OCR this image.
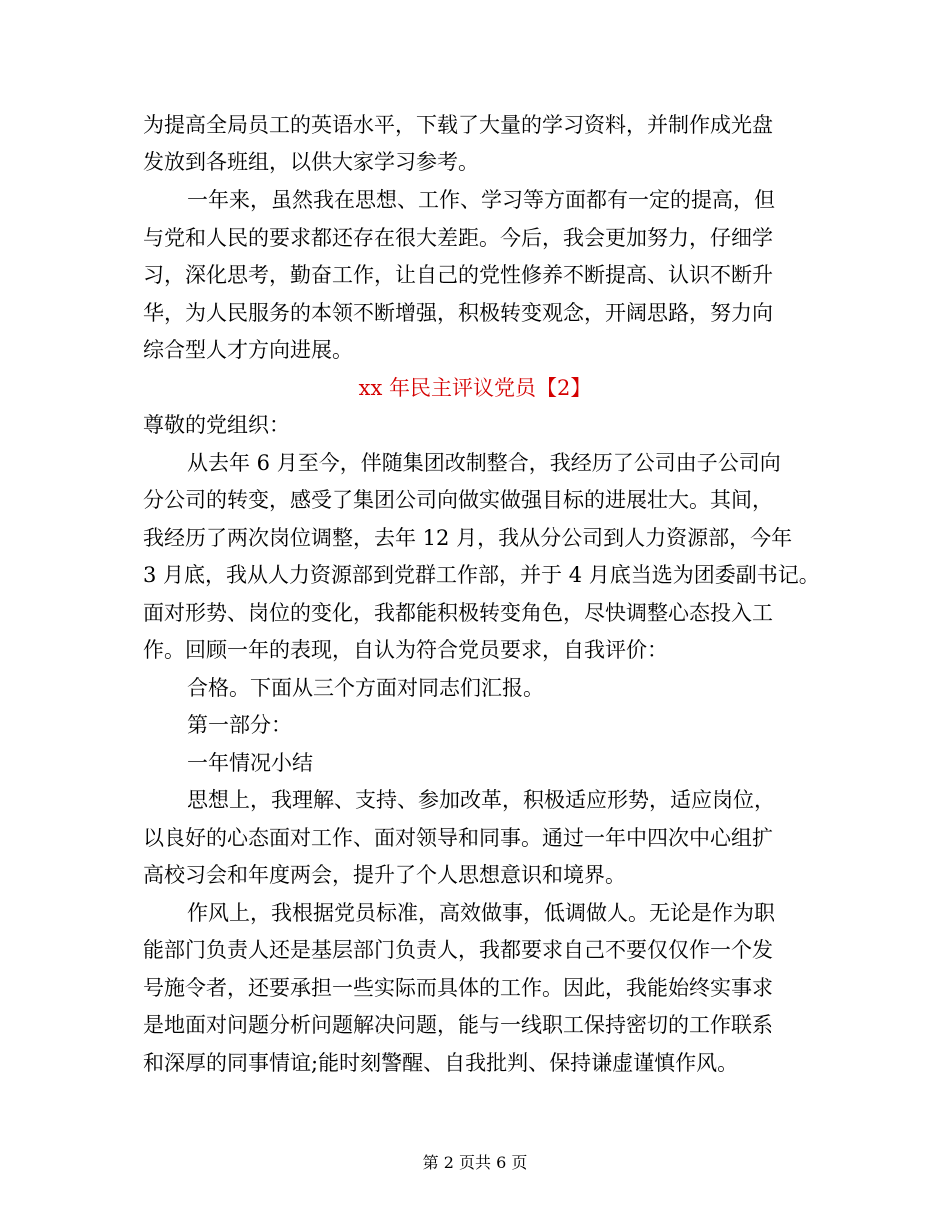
为提高全局员工的英语水平，下载了大量的学习资料，并制作成光盘
发放到各班组，以供大家学习参考。
一年来，虽然我在思想、工作、学习等方面都有一定的提高，但
与党和人民的要求都还存在很大差距。今后，我会更加努力，仔细学
习，深化思考，勤奋工作，让自己的党性修养不断提高、认识不断升
华，为人民服务的本领不断增强，积极转变观念，开阔思路，努力向
综合型人才方向进展。
xx 年民主评议党员【2】
尊敬的党组织：
从去年 6 月至今，伴随集团改制整合，我经历了公司由子公司向
分公司的转变，感受了集团公司向做实做强目标的进展壮大。其间，
我经历了两次岗位调整，去年 12 月，我从分公司到人力资源部，今年
3 月底，我从人力资源部到党群工作部，并于 4 月底当选为团委副书记。
面对形势、岗位的变化，我都能积极转变角色，尽快调整心态投入工
作。回顾一年的表现，自认为符合党员要求，自我评价：
合格。下面从三个方面对同志们汇报。
第一部分：
一年情况小结
思想上，我理解、支持、参加改革，积极适应形势，适应岗位，
以良好的心态面对工作、面对领导和同事。通过一年中四次中心组扩
高校习会和年度两会，提升了个人思想意识和境界。
作风上，我根据党员标准，高效做事，低调做人。无论是作为职
能部门负责人还是基层部门负责人，我都要求自己不要仅仅作一个发
号施令者，还要承担一些实际而具体的工作。因此，我能始终实事求
是地面对问题分析问题解决问题，能与一线职工保持密切的工作联系
和深厚的同事情谊;能时刻警醒、自我批判、保持谦虚谨慎作风。
第 2 页共 6 页
